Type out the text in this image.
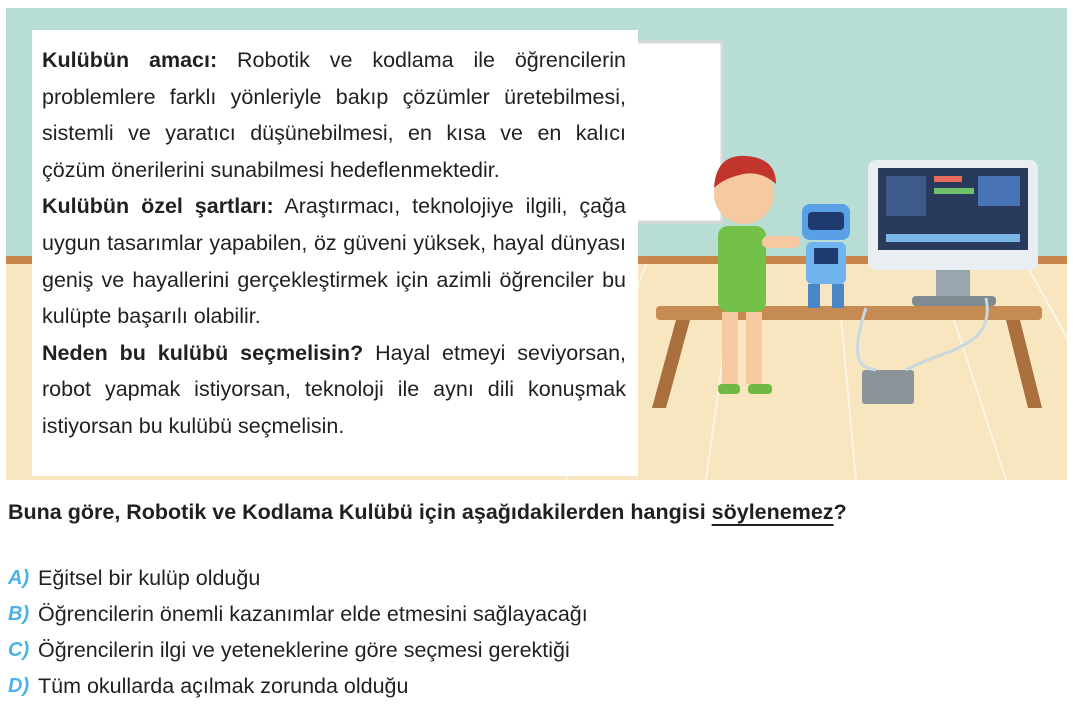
Kulübün amacı: Robotik ve kodlama ile öğrencilerin problemlere farklı yönleriyle bakıp çözümler üretebilmesi, sistemli ve yaratıcı düşünebilmesi, en kısa ve en kalıcı çözüm önerilerini sunabilmesi hedeflenmektedir.

Kulübün özel şartları: Araştırmacı, teknolojiye ilgili, çağa uygun tasarımlar yapabilen, öz güveni yüksek, hayal dünyası geniş ve hayallerini gerçekleştirmek için azimli öğrenciler bu kulüpte başarılı olabilir.

Neden bu kulübü seçmelisin? Hayal etmeyi seviyorsan, robot yapmak istiyorsan, teknoloji ile aynı dili konuşmak istiyorsan bu kulübü seçmelisin.

Buna göre, Robotik ve Kodlama Kulübü için aşağıdakilerden hangisi söylenemez?
A) Eğitsel bir kulüp olduğu
B) Öğrencilerin önemli kazanımlar elde etmesini sağlayacağı
C) Öğrencilerin ilgi ve yeteneklerine göre seçmesi gerektiği
D) Tüm okullarda açılmak zorunda olduğu
